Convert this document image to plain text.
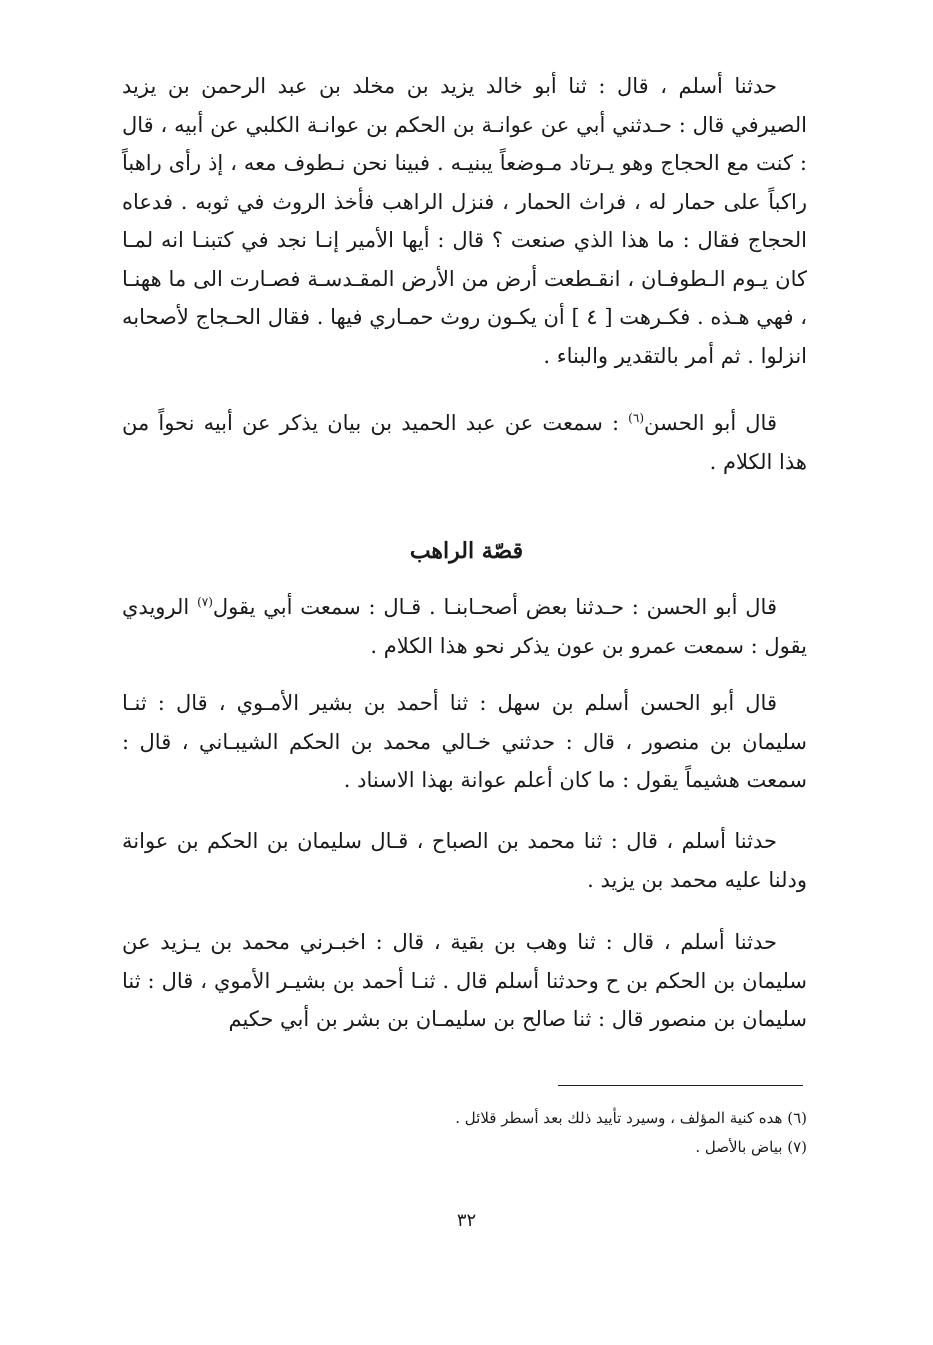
حدثنا أسلم ، قال : ثنا أبو خالد يزيد بن مخلد بن عبد الرحمن بن يزيد الصيرفي قال : حـدثني أبي عن عوانـة بن الحكم بن عوانـة الكلبي عن أبيه ، قال : كنت مع الحجاج وهو يـرتاد مـوضعاً يبنيـه . فبينا نحن نـطوف معه ، إذ رأى راهباً راكباً على حمار له ، فراث الحمار ، فنزل الراهب فأخذ الروث في ثوبه . فدعاه الحجاج فقال : ما هذا الذي صنعت ؟ قال : أيها الأمير إنـا نجد في كتبنـا انه لمـا كان يـوم الـطوفـان ، انقـطعت أرض من الأرض المقـدسـة فصـارت الى ما ههنـا ، فهي هـذه . فكـرهت [ ٤ ] أن يكـون روث حمـاري فيها . فقال الحـجاج لأصحابه انزلوا . ثم أمر بالتقدير والبناء .

قال أبو الحسن$^{(٦)}$ : سمعت عن عبد الحميد بن بيان يذكر عن أبيه نحواً من هذا الكلام .

قصّة الراهب

قال أبو الحسن : حـدثنا بعض أصحـابنـا . قـال : سمعت أبي يقول$^{(٧)}$ الرويدي يقول : سمعت عمرو بن عون يذكر نحو هذا الكلام .

قال أبو الحسن أسلم بن سهل : ثنا أحمد بن بشير الأمـوي ، قال : ثنـا سليمان بن منصور ، قال : حدثني خـالي محمد بن الحكم الشيبـاني ، قال : سمعت هشيماً يقول : ما كان أعلم عوانة بهذا الاسناد .

حدثنا أسلم ، قال : ثنا محمد بن الصباح ، قـال سليمان بن الحكم بن عوانة ودلنا عليه محمد بن يزيد .

حدثنا أسلم ، قال : ثنا وهب بن بقية ، قال : اخبـرني محمد بن يـزيد عن سليمان بن الحكم بن ح وحدثنا أسلم قال . ثنـا أحمد بن بشيـر الأموي ، قال : ثنا سليمان بن منصور قال : ثنا صالح بن سليمـان بن بشر بن أبي حكيم

(٦) هده كنية المؤلف ، وسيرد تأييد ذلك بعد أسطر قلائل .
(٧) بياض بالأصل .
٣٢
